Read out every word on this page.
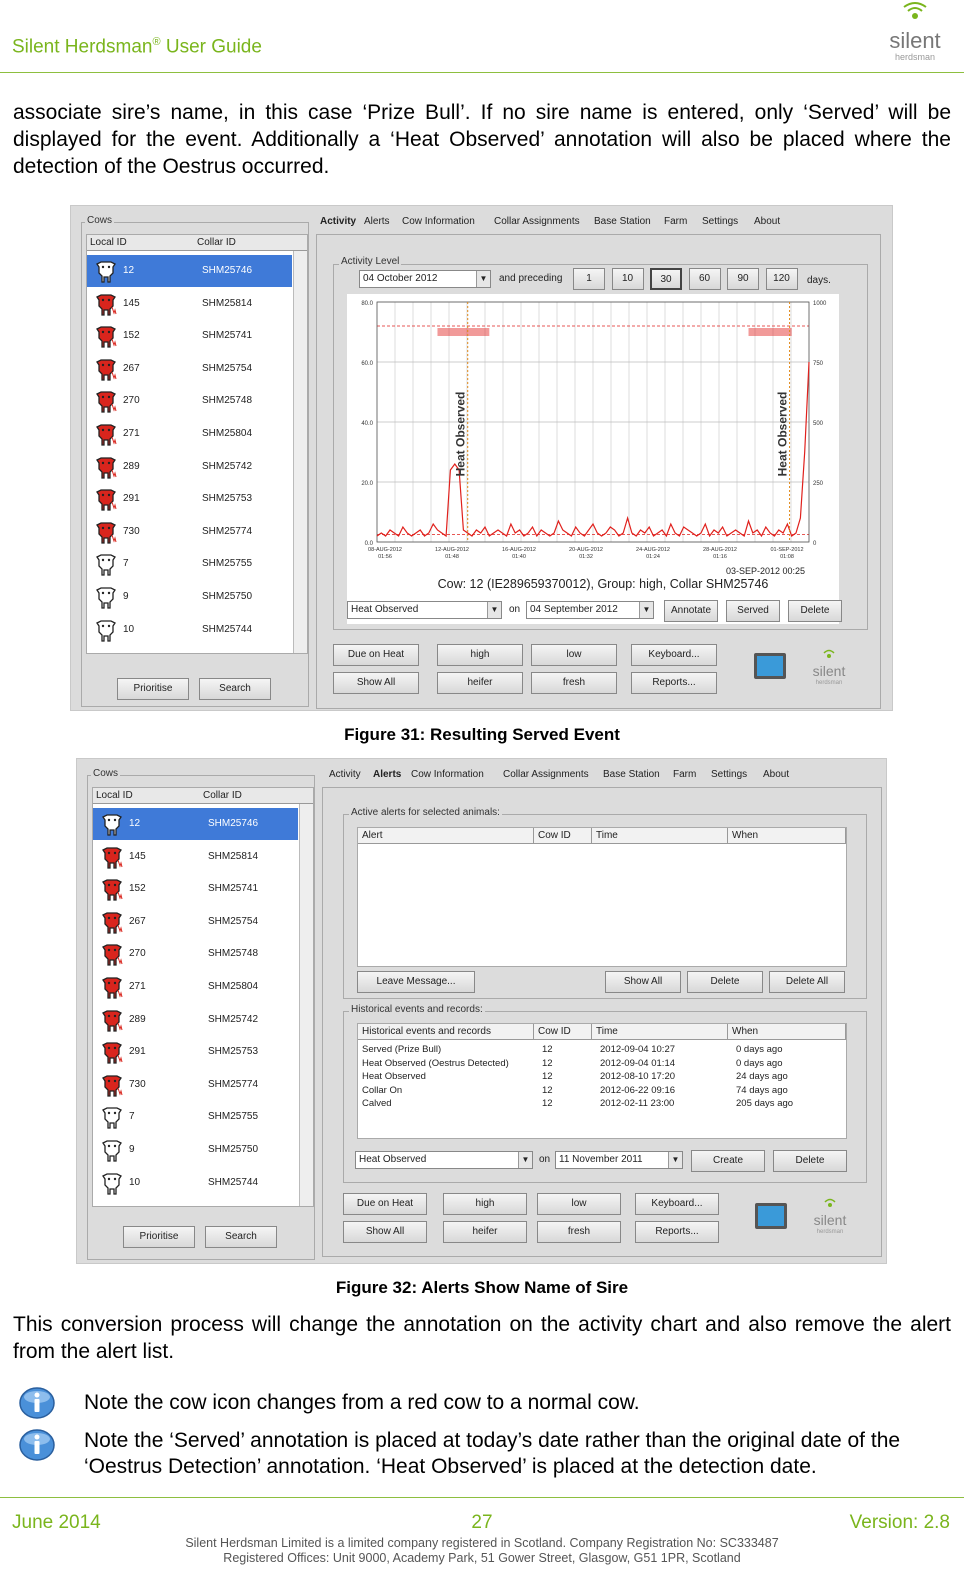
Silent Herdsman® User Guide	silent
herdsman

associate sire’s name, in this case ‘Prize Bull’. If no sire name is entered, only ‘Served’ will be displayed for the event. Additionally a ‘Heat Observed’ annotation will also be placed where the detection of the Oestrus occurred.

Cows
Local ID	Collar ID
12	SHM25746
145	SHM25814
152	SHM25741
267	SHM25754
270	SHM25748
271	SHM25804
289	SHM25742
291	SHM25753
730	SHM25774
7	SHM25755
9	SHM25750
10	SHM25744
Prioritise	Search
Activity Level
04 October 2012	▼ and preceding	days.
80.0
60.0
40.0
20.0
0.0
1000
750
500
250
0
Heat Observed	Heat Observed
08-AUG-2012
01:56
12-AUG-2012
01:48
16-AUG-2012
01:40
20-AUG-2012
01:32
24-AUG-2012
01:24
28-AUG-2012
01:16
01-SEP-2012
01:08
03-SEP-2012 00:25
Cow: 12 (IE289659370012), Group: high, Collar SHM25746
Heat Observed	▼ on 04 September 2012	▼	Annotate	Served	Delete
Due on Heat
Show All
high
heifer
low
fresh
Keyboard...
Reports...
silent
herdsman
Activity Alerts Cow Information Collar Assignments Base Station Farm Settings About
1	10	30	60	90	120
Figure 31: Resulting Served Event
Cows
Local ID	Collar ID
12	SHM25746
145	SHM25814
152	SHM25741
267	SHM25754
270	SHM25748
271	SHM25804
289	SHM25742
291	SHM25753
730	SHM25774
7	SHM25755
9	SHM25750
10	SHM25744
Prioritise	Search
Active alerts for selected animals:
Alert	Cow ID	Time	When
Leave Message...	Show All	Delete	Delete All
Historical events and records:
Historical events and records	Cow ID	Time	When
Served (Prize Bull)	12	2012-09-04 10:27	0 days ago
Heat Observed (Oestrus Detected)	12	2012-09-04 01:14	0 days ago
Heat Observed	12	2012-08-10 17:20	24 days ago
Collar On	12	2012-06-22 09:16	74 days ago
Calved	12	2012-02-11 23:00	205 days ago
Heat Observed	▼ on 11 November 2011	▼	Create	Delete
Due on Heat
Show All
high
heifer
low
fresh
Keyboard...
Reports...
silent
herdsman
Activity Alerts Cow Information Collar Assignments Base Station Farm Settings About
Figure 32: Alerts Show Name of Sire

This conversion process will change the annotation on the activity chart and also remove the alert from the alert list.

Note the cow icon changes from a red cow to a normal cow.

Note the ‘Served’ annotation is placed at today’s date rather than the original date of the ‘Oestrus Detection’ annotation. ‘Heat Observed’ is placed at the detection date.

June 2014	27	Version: 2.8
Silent Herdsman Limited is a limited company registered in Scotland. Company Registration No: SC333487
Registered Offices: Unit 9000, Academy Park, 51 Gower Street, Glasgow, G51 1PR, Scotland
